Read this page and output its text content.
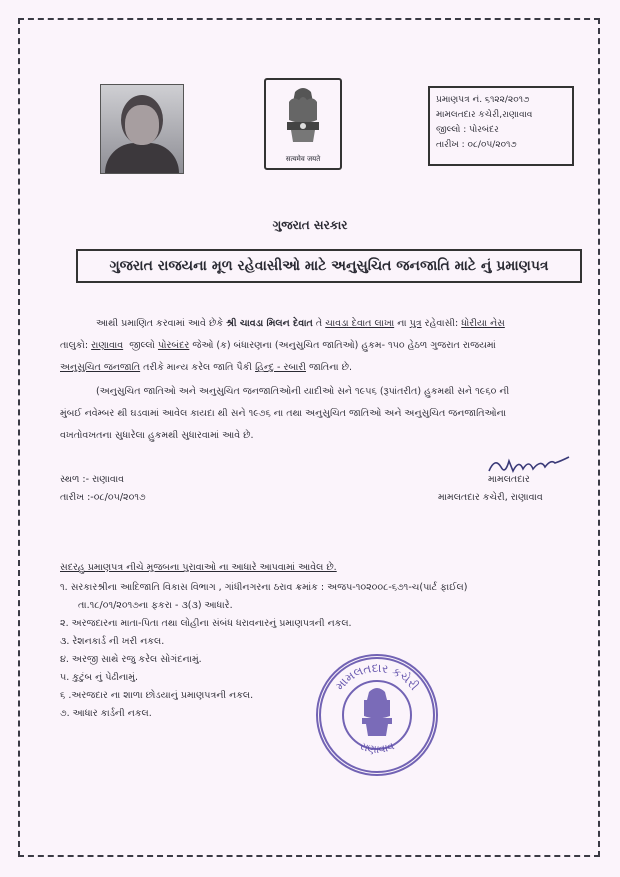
सत्यमेव जयते
પ્રમાણપત્ર નં. ૬૧૨૨/૨૦૧૭
મામલતદાર કચેરી,રાણાવાવ
જીલ્લો : પોરબંદર
તારીખ : ૦૮/૦૫/૨૦૧૭
ગુજરાત સરકાર
ગુજરાત રાજયના મૂળ રહેવાસીઓ માટે અનુસુચિત જનજાતિ માટે નું પ્રમાણપત્ર
આથી પ્રમાણિત કરવામાં આવે છેકે શ્રી ચાવડા મિલન દેવાત તે ચાવડા દેવાત લાખા ના પુત્ર રહેવાસી: ધોરીયા નેસ
તાલુકો: રાણાવાવ જીલ્લો પોરબંદર જેઓ (ક) બંધારણના (અનુસુચિત જાતિઓ) હુકમ- ૧૫૦ હેઠળ ગુજરાત રાજયમાં
અનુસુચિત જનજાતિ તરીકે માન્ય કરેલ જાતિ પૈકી હિન્દુ - રબારી જાતિના છે.
(અનુસુચિત જાતિઓ અને અનુસુચિત જનજાતિઓની યાદીઓ સને ૧૯૫૬ (રૂપાંતરીત) હુકમથી સને ૧૯૬૦ ની
મુંબઈ નવેમ્બર થી ઘડવામાં આવેલ કાયદા થી સને ૧૯૭૬ ના તથા અનુસુચિત જાતિઓ અને અનુસુચિત જનજાતિઓના
વખતોવખતના સુધારેલા હુકમથી સુધારવામાં આવે છે.
સ્થળ :- રાણાવાવ
તારીખ :-૦૮/૦૫/૨૦૧૭
મામલતદાર
મામલતદાર કચેરી, રાણાવાવ
સદરહુ પ્રમાણપત્ર નીચે મુજબના પુરાવાઓ ના આધારે આપવામાં આવેલ છે.
૧. સરકારશ્રીના આદિજાતિ વિકાસ વિભાગ , ગાંધીનગરના ઠરાવ ક્રમાંક : અજપ-૧૦૨૦૦૮-૬૭૧-ચ(પાર્ટ ફાઈલ)
તા.૧૮/૦૧/૨૦૧૭ના ફકરા - ૩(૩) આધારે.
૨. અરજદારના માતા-પિતા તથા લોહીના સંબંધ ધરાવનારનું પ્રમાણપત્રની નકલ.
૩. રેશનકાર્ડ ની ખરી નકલ.
૪. અરજી સાથે રજુ કરેલ સોગંદનામું.
૫. કુટુંબ નું પેઢીનામું.
૬ .અરજદાર ના શાળા છોડયાનું પ્રમાણપત્રની નકલ.
૭. આધાર કાર્ડની નકલ.
મામલતદાર કચેરી
રાણાવાવ
